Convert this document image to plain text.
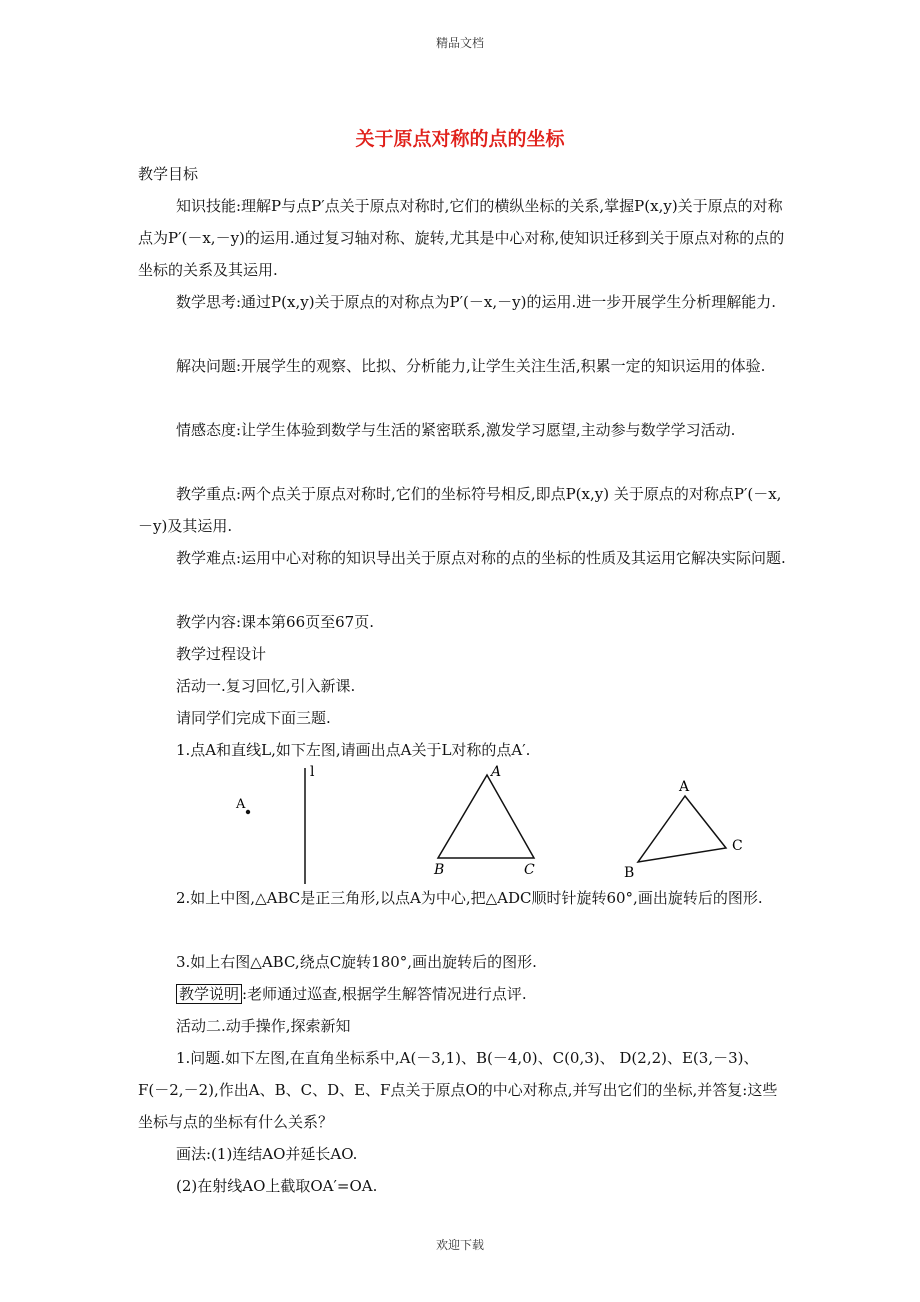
精品文档
关于原点对称的点的坐标

教学目标

知识技能:理解P与点P′点关于原点对称时,它们的横纵坐标的关系,掌握P(x,y)关于原点的对称点为P′(－x,－y)的运用.通过复习轴对称、旋转,尤其是中心对称,使知识迁移到关于原点对称的点的坐标的关系及其运用.

数学思考:通过P(x,y)关于原点的对称点为P′(－x,－y)的运用.进一步开展学生分析理解能力.

解决问题:开展学生的观察、比拟、分析能力,让学生关注生活,积累一定的知识运用的体验.

情感态度:让学生体验到数学与生活的紧密联系,激发学习愿望,主动参与数学学习活动.

教学重点:两个点关于原点对称时,它们的坐标符号相反,即点P(x,y) 关于原点的对称点P′(－x,－y)及其运用.

教学难点:运用中心对称的知识导出关于原点对称的点的坐标的性质及其运用它解决实际问题.

教学内容:课本第66页至67页.

教学过程设计

活动一.复习回忆,引入新课.

请同学们完成下面三题.

1.点A和直线L,如下左图,请画出点A关于L对称的点A′.

l
A
A
B	C
A
B
C

2.如上中图,△ABC是正三角形,以点A为中心,把△ADC顺时针旋转60°,画出旋转后的图形.

3.如上右图△ABC,绕点C旋转180°,画出旋转后的图形.

教学说明 :老师通过巡查,根据学生解答情况进行点评.

活动二.动手操作,探索新知

1.问题.如下左图,在直角坐标系中,A(－3,1)、B(－4,0)、C(0,3)、 D(2,2)、E(3,－3)、F(－2,－2),作出A、B、C、D、E、F点关于原点O的中心对称点,并写出它们的坐标,并答复:这些坐标与点的坐标有什么关系？

画法:(1)连结AO并延长AO.

(2)在射线AO上截取OA′=OA.

欢迎下载
